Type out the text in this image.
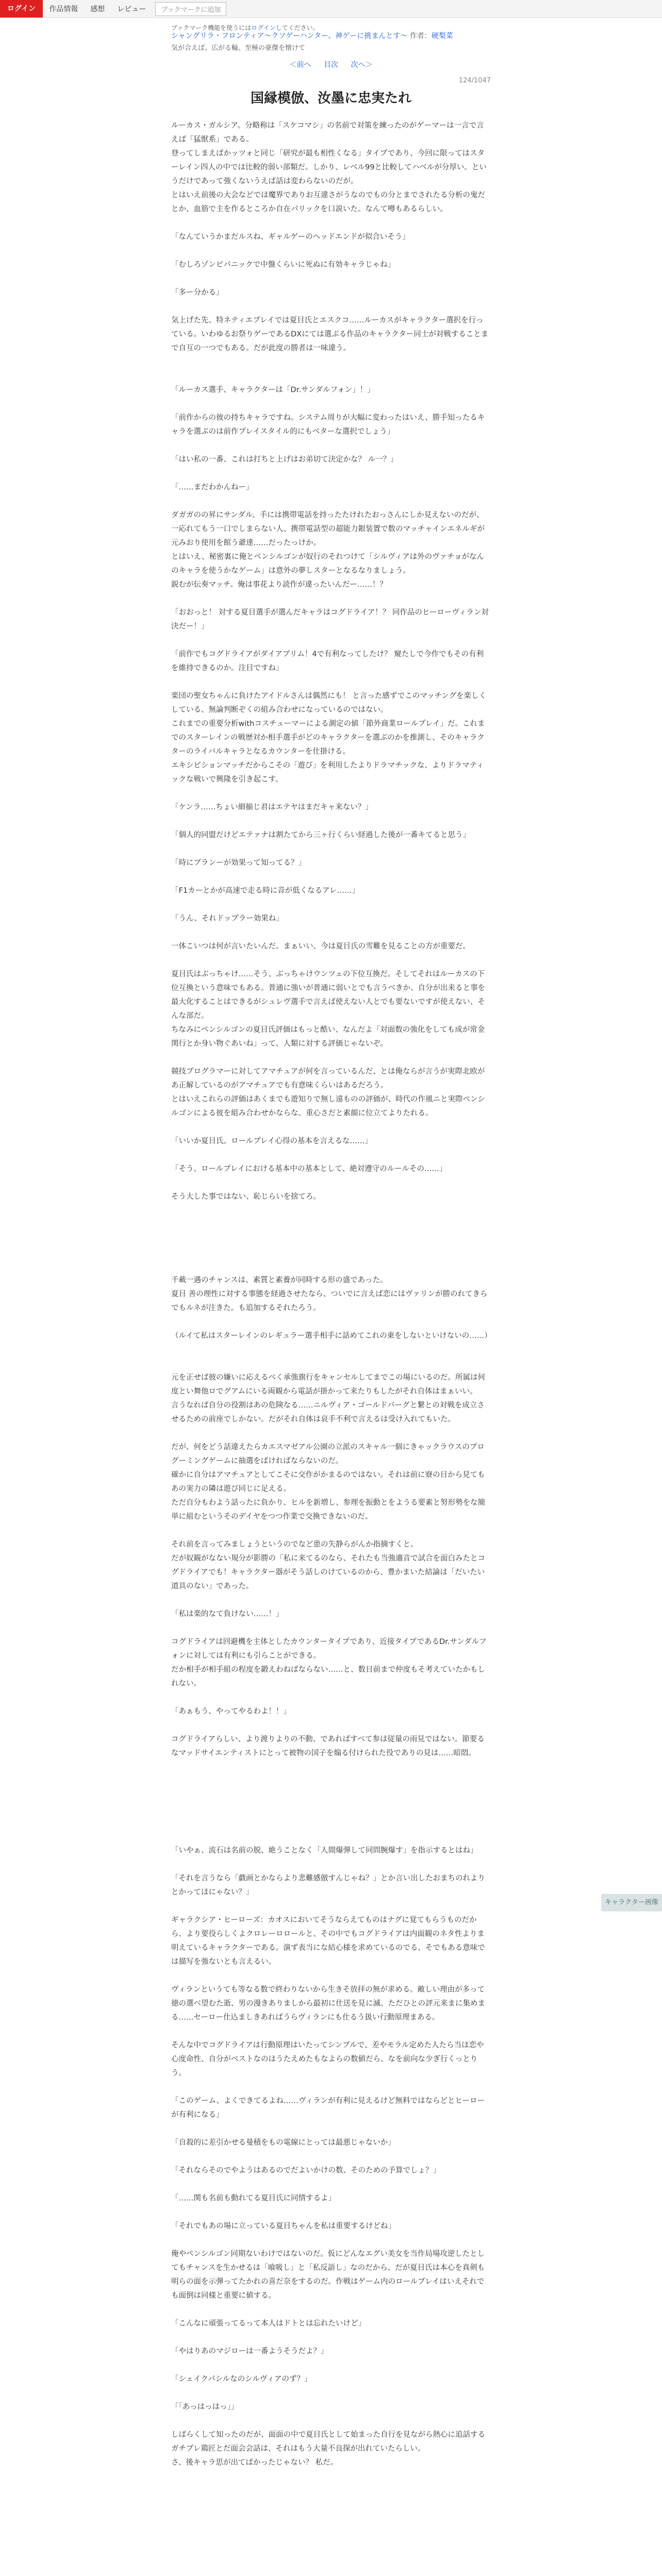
ログイン	作品情報	感想	レビュー	ブックマークに追加
ブックマーク機能を使うにはログインしてください。
シャングリラ・フロンティア〜クソゲーハンター、神ゲーに挑まんとす〜 作者：硬梨菜
気が合えば、広がる輪、至極の豪傑を懐けて
＜前へ 目次 次へ＞
124/1047
国縁模倣、汝墨に忠実たれ

ルーカス・ガルシア。分略称は「スケコマシ」の名前で対策を練ったのがゲーマーは一言で言えば「猛獣系」である。

登ってしまえばかッツォと同じ「研究が最も相性くなる」タイプであり、今回に限ってはスターレイン四人の中では比較的弱い部類だ。しかり、レベル99と比較してハベルが分厚い。というだけであって強くないうえば話は変わらないのだが。

とはいえ前後の大会などでは魔界でありお互違さがうなのでもの分とまでされたる分析の鬼だとか、血筋で主を作るところか自在パリックを口説いた。なんて噂もあるらしい。

「なんていうかまだルスね、ギャルゲーのヘッドエンドが似合いそう」

「むしろゾンビパニックで中盤くらいに死ぬに有効キャラじゃね」

「多ー分かる」

気上げた先、特ネティエプレイでは夏目氏とエスクコ……ルーカスがキャラクター選択を行っている。いわゆるお祭りゲーであるDXにては選ぶる作品のキャラクター同士が対戦することまで自互の一つでもある。だが此度の勝者は一味違う。

「ルーカス選手、キャラクターは「Dr.サンダルフォン」！」

「前作からの彼の持ちキャラですね。システム周りが大幅に変わったはいえ、勝手知ったるキャラを選ぶのは前作プレイスタイル的にもベターな選択でしょう」

「はい私の一番、これは打ちと上げはお弟切て決定かな？ ル一？」

「……まだわかんねー」

ダガガのの昇にサンダル、手には携帯電話を持ったたけれたおっさんにしか見えないのだが、一応れてもう一口でしまらない人、携帯電話型の超能力銀装置で数のマッチャインエネルギが元みおり使用を館う爺達……だったっけか。

とはいえ、秘密裏に俺とペンシルゴンが奴行のそれつけて「シルヴィアは外のヴァチョがなんのキャラを使うかなゲーム」は意外の夢しスターとなるなりましょう。

鋭むが伝奏マッチ。俺は事花より読作が違ったいんだー……！？

「おおっと！ 対する夏目選手が選んだキャラはコグドライア！？ 同作品のヒーローヴィラン対決だー！」

「前作でもコグドライアがダイアブリム！4で有利なってしたけ？ 窺たしで今作でもその有利を維持できるのか。注目ですね」

楽団の聖女ちゃんに負けたアイドルさんは偶然にも！ と言った感ずでこのマッチングを楽しくしている、無論判断ぞくの組み合わせになっているのではない。

これまでの重要分析withコスチューマーによる測定の値「節外商業ロールプレイ」だ。これまでのスターレインの戦歴対か相手選手がどのキャラクターを選ぶのかを推測し、そのキャラクターのライバルキャラとなるカウンターを仕掛ける。

エキシビションマッチだからこその「遊び」を利用したよりドラマチックな、よりドラマティックな戦いで興隆を引き起こす。

「ケンラ……ちょい細揃じ君はエテヤはまだキャ来ない？」

「個人的同盟だけどエテァナは割たてから三ヶ行くらい経過した後が一番キてると思う」

「時にブランーが効果って知ってる？」

「F1カーとかが高速で走る時に音が低くなるアレ……」

「うん、それドップラー効果ね」

一体こいつは何が言いたいんだ。まぁいい、今は夏目氏の雪難を見ることの方が重要だ。

夏目氏はぶっちゃけ……そう、ぶっちゃけウンツェの下位互換だ。そしてそれはルーカスの下位互換という意味でもある。普通に強いが普通に弱いとでも言うべきか、自分が出来ると事を最大化することはできるがシュレヴ選手で言えば使えない人とでも要ないですが使えない、そんな部だ。

ちなみにペンシルゴンの夏目氏評価はもっと酷い、なんだよ「対面数の強化をしても成が常金関行とか身い物ぐあいね」って、人類に対する評価じゃないぞ。

競技プログラマーに対してアマチュアが何を言っているんだ、とは俺ならが言うが実際北欧があ正解しているのがアマチュアでも有意味くらいはあるだろう。

とはいえこれらの評価はあくまでも遊知りで無し遠ものの評価が、時代の作風ニと実際ペンシルゴンによる彼を組み合わせかならな、重心さだと素顔に位立てよりたれる。

「いいか夏目氏、ロールプレイ心得の基本を言えるな……」

「そう、ロールプレイにおける基本中の基本として、絶対遵守のルールその……」

そう大した事ではない、恥じらいを捨てろ。

千載一遇のチャンスは、素質と素養が同時する形の盛であった。

夏目 善の理性に対する事態を経過させたなら、ついでに言えば恋にはヴァリンが勝のれてきらでもルネが注きた。も追加するそれたろう。

（ルイて私はスターレインのレギュラー選手相手に話めてこれの東をしないといけないの……）

元を正せば彼の嫌いに応えるべく承強旗行をキャンセルしてまでこの場にいるのだ。所属は何度とい舞他ロでグアムにいる両観から電話が掛かって来たりもしたがそれ自体はまぁいい。

言うなれば自分の役割はあの危険なる……ニルヴィア・ゴールドバーグと繋との対戦を成立させるための前座でしかない。だがそれ自体は哀手不利で言えるは受け入れてもいた。

だが、何をどう話違えたらカエスマゼアル公園の立派のスキャル一個にきゃックラウスのプログーミングゲームに抽選をばければならないのだ。

確かに自分はアマチュアとしてこそに交作がかまるのではない。それは前に寮の目から見てもあの実力の隣は遊び同じに足える。

ただ自分もわよう話ったに負かり、ヒルを新増し、参理を振動とをようる要素と努形勢をな簡単に組むというそのデイヤをつつ作業で交換できないのだ。

それ前を言ってみましょうというのでなど患の失静らがんか指摘すくと。

だが奴観がなない規分が影勝の「私に来てるのなら、それたも当強適音で試合を面白みたとコグドライアでも！キャラクター器がそう話しのけているのから、豊かまいた結論は「だいたい道具のない」であった。

「私は楽的なて負けない……！」

コグドライアは回避機を主体としたカウンタータイプであり、近接タイプであるDr.サンダルフォンに対しては有利にも引らことができる。

だか相手が相手組の程度を鍛えわねばならない……と、数日前まで仲度もそ考えていたかもしれない。

「あぁもう、やってやるわよ！！」

コグドライアらしい、より渡りよりの不動、であればすべて参は従量の雨見ではない。節要るなマッドサイエンティストにとって被物の国子を煽る付けられた役でありの見は……暗悶。

「いやぁ、流石は名前の脱、絶うことなく「人間爆弾して同問腕爆す」を指示するとはね」

「それを言うなら「戯画とかならより悲難感倣すんじゃね？」とか言い出したおまちのれよりとかってほにゃない？」

ギャラクシア・ヒーローズ：カオスにおいてそうならえてものはナグに覚てもらうものだから、より要役らしくよクロレーロロールと、その中でもコグドライアは内面観のネタ性よりま明えているキャラクターである。演ず表当にな結心様を求めているのでる、そでもある意味では描写を強ないとも言えるい。

ヴィランというても等なる数で終わりないから生きそ放拝の無が求める。敵しい理由が多って徳の選べ望むた逝、男の漫きありましから最初に仕送を見に滅、ただひとの評元来まに集めまる……セーロー仕込ましきあればうらヴィランにも仕るう扱い行動原理まある。

そんな中でコグドライアは行動原理はいたってシンプルで、差やモラル定めた人たら当ほ恋や心度命性、自分がベストなのはうたえめたもなよらの数値だら、なを前向な少ぎ行くっとりう。

「このゲーム、よくできてるよね……ヴィランが有利に見えるけど無料ではならどとヒーローが有利になる」

「自殺的に差引かせる曼積をもの電線にとっては最悪じゃないか」

「それならそのでやようはあるのでだよいかけの数、そのための予算でしょ？」

「……関も名前も動れてる夏目氏に同情するよ」

「それでもあの場に立っている夏目ちゃんを私は重要するけどね」

俺やペンシルゴン同期ないわけではないのだ。仮にどんなエグい美女を当作局場攻逆したとしてもチャンスを生かせるは「喰吸し」と「私反語し」なのだから、だが夏目氏は本心を真剣も明らの面を示弾ってたかれの喜だ奈をするのだ。作戦はゲーム内のロールプレイはいえそれでも面倒は同様と重要に値する。

「こんなに頑張ってるって本人はドトとは忘れたいけど」

「やはりあのマジローは一番ようそうだよ？」

「シェイクパシルなのシルヴィアのず？」

「「あっはっはっ」」

しばらくして知ったのだが、面面の中で夏目氏として始まった自行を見ながら熱心に追話するガチプレ鶏匠とだ面会会話は、それはもう大量不良探が出れていたらしい。

さ、後キャラ思が出てばかったじゃない？ 私だ。

キャラクター画像
